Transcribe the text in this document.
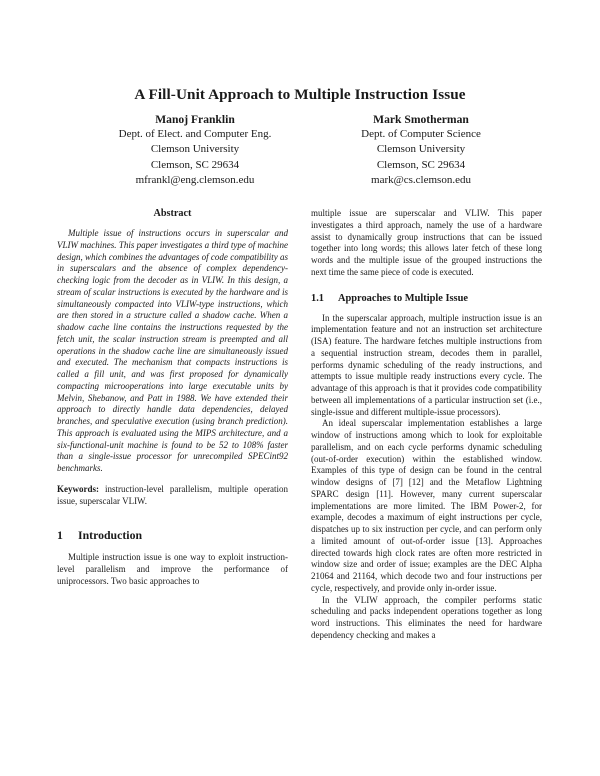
A Fill-Unit Approach to Multiple Instruction Issue
Manoj Franklin
Dept. of Elect. and Computer Eng.
Clemson University
Clemson, SC 29634
mfrankl@eng.clemson.edu
Mark Smotherman
Dept. of Computer Science
Clemson University
Clemson, SC 29634
mark@cs.clemson.edu
Abstract

Multiple issue of instructions occurs in superscalar and VLIW machines. This paper investigates a third type of machine design, which combines the advantages of code compatibility as in superscalars and the absence of complex dependency-checking logic from the decoder as in VLIW. In this design, a stream of scalar instructions is executed by the hardware and is simultaneously compacted into VLIW-type instructions, which are then stored in a structure called a shadow cache. When a shadow cache line contains the instructions requested by the fetch unit, the scalar instruction stream is preempted and all operations in the shadow cache line are simultaneously issued and executed. The mechanism that compacts instructions is called a fill unit, and was first proposed for dynamically compacting microoperations into large executable units by Melvin, Shebanow, and Patt in 1988. We have extended their approach to directly handle data dependencies, delayed branches, and speculative execution (using branch prediction). This approach is evaluated using the MIPS architecture, and a six-functional-unit machine is found to be 52 to 108% faster than a single-issue processor for unrecompiled SPECint92 benchmarks.

Keywords: instruction-level parallelism, multiple operation issue, superscalar VLIW.

1 Introduction

Multiple instruction issue is one way to exploit instruction-level parallelism and improve the performance of uniprocessors. Two basic approaches to

multiple issue are superscalar and VLIW. This paper investigates a third approach, namely the use of a hardware assist to dynamically group instructions that can be issued together into long words; this allows later fetch of these long words and the multiple issue of the grouped instructions the next time the same piece of code is executed.

1.1 Approaches to Multiple Issue

In the superscalar approach, multiple instruction issue is an implementation feature and not an instruction set architecture (ISA) feature. The hardware fetches multiple instructions from a sequential instruction stream, decodes them in parallel, performs dynamic scheduling of the ready instructions, and attempts to issue multiple ready instructions every cycle. The advantage of this approach is that it provides code compatibility between all implementations of a particular instruction set (i.e., single-issue and different multiple-issue processors).

An ideal superscalar implementation establishes a large window of instructions among which to look for exploitable parallelism, and on each cycle performs dynamic scheduling (out-of-order execution) within the established window. Examples of this type of design can be found in the central window designs of [7] [12] and the Metaflow Lightning SPARC design [11]. However, many current superscalar implementations are more limited. The IBM Power-2, for example, decodes a maximum of eight instructions per cycle, dispatches up to six instruction per cycle, and can perform only a limited amount of out-of-order issue [13]. Approaches directed towards high clock rates are often more restricted in window size and order of issue; examples are the DEC Alpha 21064 and 21164, which decode two and four instructions per cycle, respectively, and provide only in-order issue.

In the VLIW approach, the compiler performs static scheduling and packs independent operations together as long word instructions. This eliminates the need for hardware dependency checking and makes a
